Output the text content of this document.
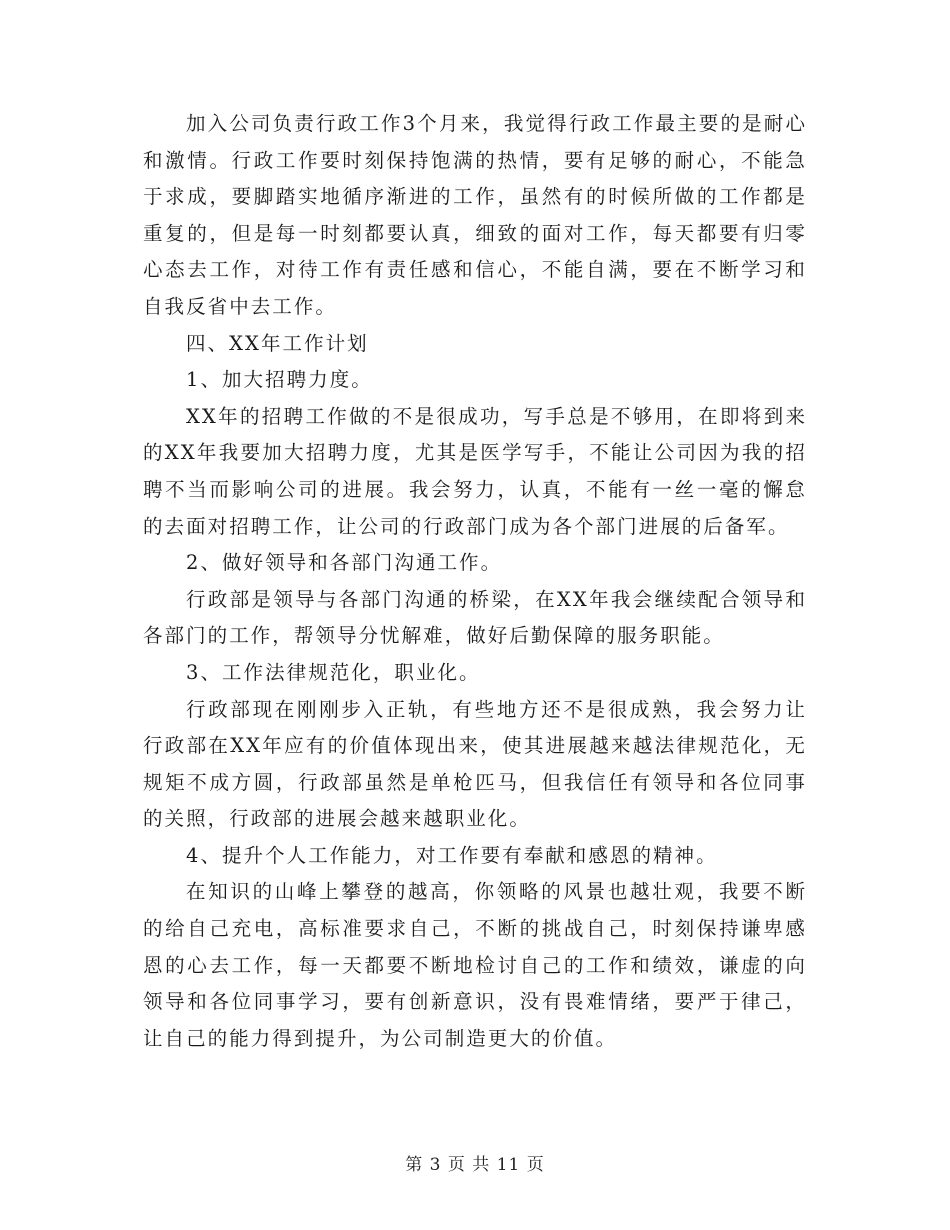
加入公司负责行政工作3个月来，我觉得行政工作最主要的是耐心和激情。行政工作要时刻保持饱满的热情，要有足够的耐心，不能急于求成，要脚踏实地循序渐进的工作，虽然有的时候所做的工作都是重复的，但是每一时刻都要认真，细致的面对工作，每天都要有归零心态去工作，对待工作有责任感和信心，不能自满，要在不断学习和自我反省中去工作。

四、XX年工作计划

1、加大招聘力度。

XX年的招聘工作做的不是很成功，写手总是不够用，在即将到来的XX年我要加大招聘力度，尤其是医学写手，不能让公司因为我的招聘不当而影响公司的进展。我会努力，认真，不能有一丝一毫的懈怠的去面对招聘工作，让公司的行政部门成为各个部门进展的后备军。

2、做好领导和各部门沟通工作。

行政部是领导与各部门沟通的桥梁，在XX年我会继续配合领导和各部门的工作，帮领导分忧解难，做好后勤保障的服务职能。

3、工作法律规范化，职业化。

行政部现在刚刚步入正轨，有些地方还不是很成熟，我会努力让行政部在XX年应有的价值体现出来，使其进展越来越法律规范化，无规矩不成方圆，行政部虽然是单枪匹马，但我信任有领导和各位同事的关照，行政部的进展会越来越职业化。

4、提升个人工作能力，对工作要有奉献和感恩的精神。

在知识的山峰上攀登的越高，你领略的风景也越壮观，我要不断的给自己充电，高标准要求自己，不断的挑战自己，时刻保持谦卑感恩的心去工作，每一天都要不断地检讨自己的工作和绩效，谦虚的向领导和各位同事学习，要有创新意识，没有畏难情绪，要严于律己，让自己的能力得到提升，为公司制造更大的价值。

第 3 页 共 11 页
